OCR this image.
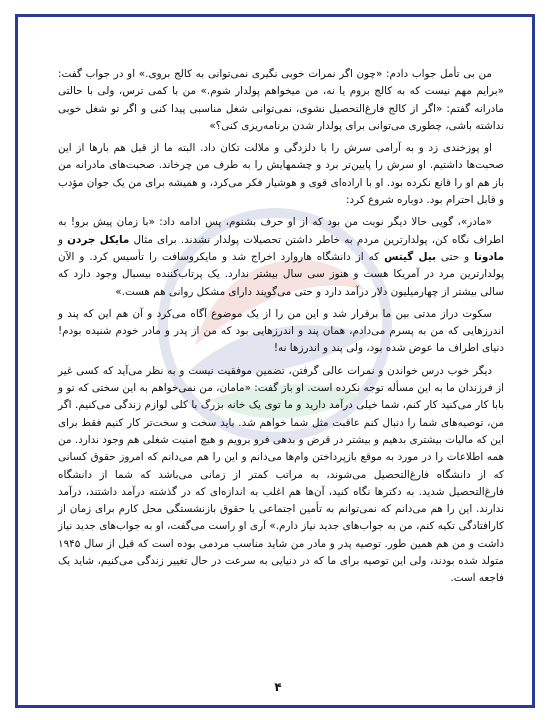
من بی تأمل جواب دادم: «چون اگر نمرات خوبی نگیری نمی‌توانی به کالج بروی.» او در جواب گفت: «برایم مهم نیست که به کالج بروم یا نه، من میخواهم پولدار شوم.» من با کمی ترس، ولی با حالتی مادرانه گفتم: «اگر از کالج فارغ‌التحصیل نشوی، نمی‌توانی شغل مناسبی پیدا کنی و اگر تو شغل خوبی نداشته باشی، چطوری می‌توانی برای پولدار شدن برنامه‌ریزی کنی؟»

او پوزخندی زد و به آرامی سرش را با دلزدگی و ملالت تکان داد. البته ما از قبل هم بارها از این صحبت‌ها داشتیم. او سرش را پایین‌تر برد و چشمهایش را به طرف من چرخاند. صحبت‌های مادرانه من باز هم او را قانع نکرده بود. او با اراده‌ای قوی و هوشیار فکر می‌کرد، و همیشه برای من یک جوان مؤدب و قابل احترام بود. دوباره شروع کرد:

«مادر»، گویی حالا دیگر نوبت من بود که از او حرف بشنوم، پس ادامه داد: «با زمان پیش برو! به اطراف نگاه کن، پولدارترین مردم به خاطر داشتن تحصیلات پولدار نشدند. برای مثال مایکل جردن و مادونا و حتی بیل گیتس که از دانشگاه هاروارد اخراج شد و مایکروسافت را تأسیس کرد. و الآن پولدارترین مرد در آمریکا هست و هنوز سی سال بیشتر ندارد. یک پرتاب‌کننده بیسبال وجود دارد که سالی بیشتر از چهارمیلیون دلار درآمد دارد و حتی می‌گویند دارای مشکل روانی هم هست.»

سکوت دراز مدتی بین ما برقرار شد و این من را از یک موضوع آگاه می‌کرد و آن هم این که پند و اندرزهایی که من به پسرم می‌دادم، همان پند و اندرزهایی بود که من از پدر و مادر خودم شنیده بودم! دنیای اطراف ما عوض شده بود، ولی پند و اندرزها نه!

دیگر خوب درس خواندن و نمرات عالی گرفتن، تضمین موفقیت نیست و به نظر می‌آید که کسی غیر از فرزندان ما به این مسأله توجه نکرده است. او باز گفت: «مامان، من نمی‌خواهم به این سختی که تو و بابا کار می‌کنید کار کنم، شما خیلی درآمد دارید و ما توی یک خانه بزرگ با کلی لوازم زندگی می‌کنیم. اگر من، توصیه‌های شما را دنبال کنم عاقبت مثل شما خواهم شد. باید سخت و سخت‌تر کار کنیم فقط برای این که مالیات بیشتری بدهیم و بیشتر در قرض و بدهی فرو برویم و هیچ امنیت شغلی هم وجود ندارد. من همه اطلاعات را در مورد به موقع بازپرداختن وام‌ها می‌دانم و این را هم می‌دانم که امروز حقوق کسانی که از دانشگاه فارغ‌التحصیل می‌شوند، به مراتب کمتر از زمانی می‌باشد که شما از دانشگاه فارغ‌التحصیل شدید. به دکترها نگاه کنید، آن‌ها هم اغلب به اندازه‌ای که در گذشته درآمد داشتند، درآمد ندارند. این را هم می‌دانم که نمی‌توانم به تأمین اجتماعی یا حقوق بازنشستگی محل کارم برای زمان از کارافتادگی تکیه کنم، من به جواب‌های جدید نیاز دارم.» آری او راست می‌گفت، او به جواب‌های جدید نیاز داشت و من هم همین طور. توصیه پدر و مادر من شاید مناسب مردمی بوده است که قبل از سال ۱۹۴۵ متولد شده بودند، ولی این توصیه برای ما که در دنیایی به سرعت در حال تغییر زندگی می‌کنیم، شاید یک فاجعه است.

۴
